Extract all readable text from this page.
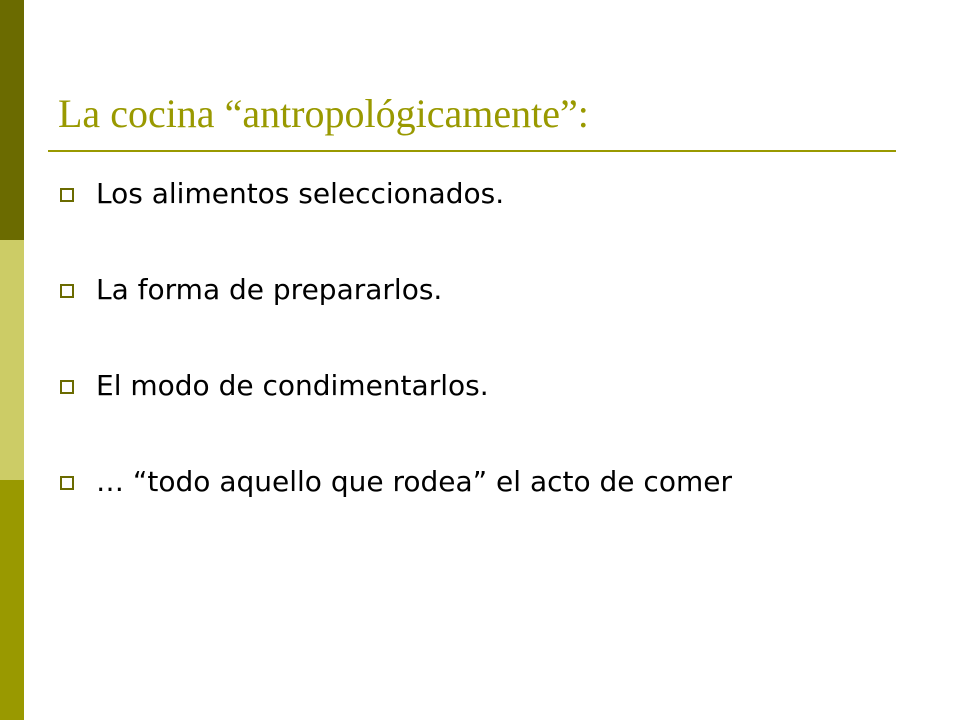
La cocina “antropológicamente”:
Los alimentos seleccionados.
La forma de prepararlos.
El modo de condimentarlos.
… “todo aquello que rodea” el acto de comer
